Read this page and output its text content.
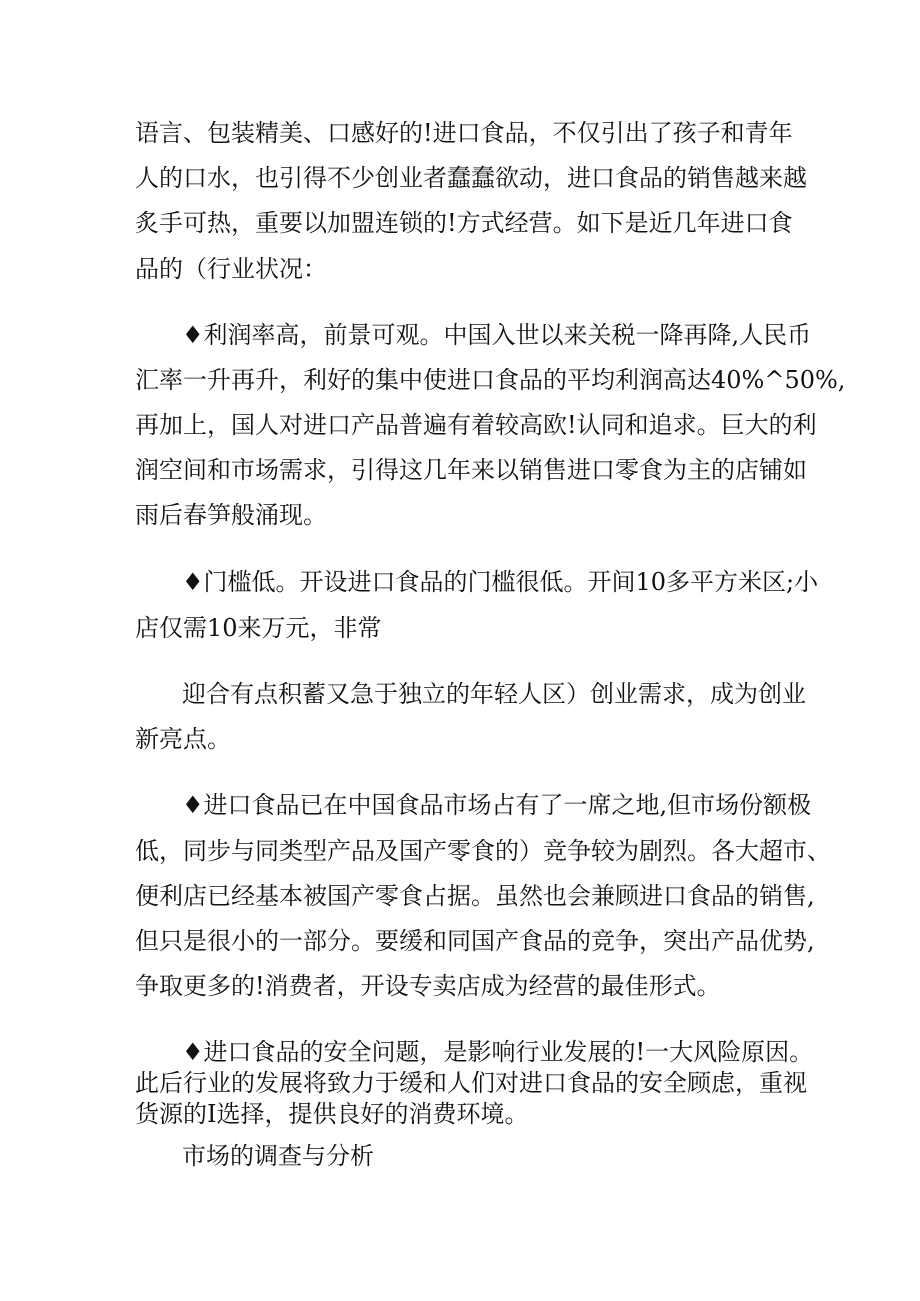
语言、包装精美、口感好的!进口食品，不仅引出了孩子和青年
人的口水，也引得不少创业者蠢蠢欲动，进口食品的销售越来越
炙手可热，重要以加盟连锁的!方式经营。如下是近几年进口食
品的（行业状况：
♦利润率高，前景可观。中国入世以来关税一降再降,人民币
汇率一升再升，利好的集中使进口食品的平均利润高达40%^50%,
再加上，国人对进口产品普遍有着较高欧!认同和追求。巨大的利
润空间和市场需求，引得这几年来以销售进口零食为主的店铺如
雨后春笋般涌现。
♦门槛低。开设进口食品的门槛很低。开间10多平方米区;小
店仅需10来万元，非常
迎合有点积蓄又急于独立的年轻人区）创业需求，成为创业
新亮点。
♦进口食品已在中国食品市场占有了一席之地,但市场份额极
低，同步与同类型产品及国产零食的）竞争较为剧烈。各大超市、
便利店已经基本被国产零食占据。虽然也会兼顾进口食品的销售,
但只是很小的一部分。要缓和同国产食品的竞争，突出产品优势,
争取更多的!消费者，开设专卖店成为经营的最佳形式。
♦进口食品的安全问题，是影响行业发展的!一大风险原因。
此后行业的发展将致力于缓和人们对进口食品的安全顾虑，重视
货源的I选择，提供良好的消费环境。
市场的调查与分析
